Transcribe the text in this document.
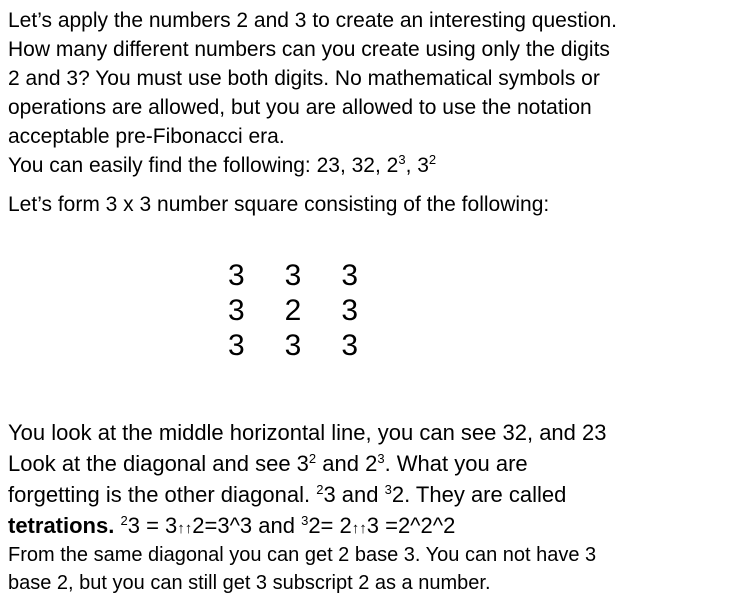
Let’s apply the numbers 2 and 3 to create an interesting question.
How many different numbers can you create using only the digits
2 and 3? You must use both digits. No mathematical symbols or
operations are allowed, but you are allowed to use the notation
acceptable pre-Fibonacci era.
You can easily find the following: 23, 32, $2^3$, $3^2$
Let’s form 3 x 3 number square consisting of the following:
3	3	3
3	2	3
3	3	3
You look at the middle horizontal line, you can see 32, and 23
Look at the diagonal and see $3^2$ and $2^3$. What you are
forgetting is the other diagonal. $^2$3 and $^3$2. They are called
tetrations. $^2$3 = 3↑↑2=3^3 and $^3$2= 2↑↑3 =2^2^2
From the same diagonal you can get 2 base 3. You can not have 3
base 2, but you can still get 3 subscript 2 as a number.
